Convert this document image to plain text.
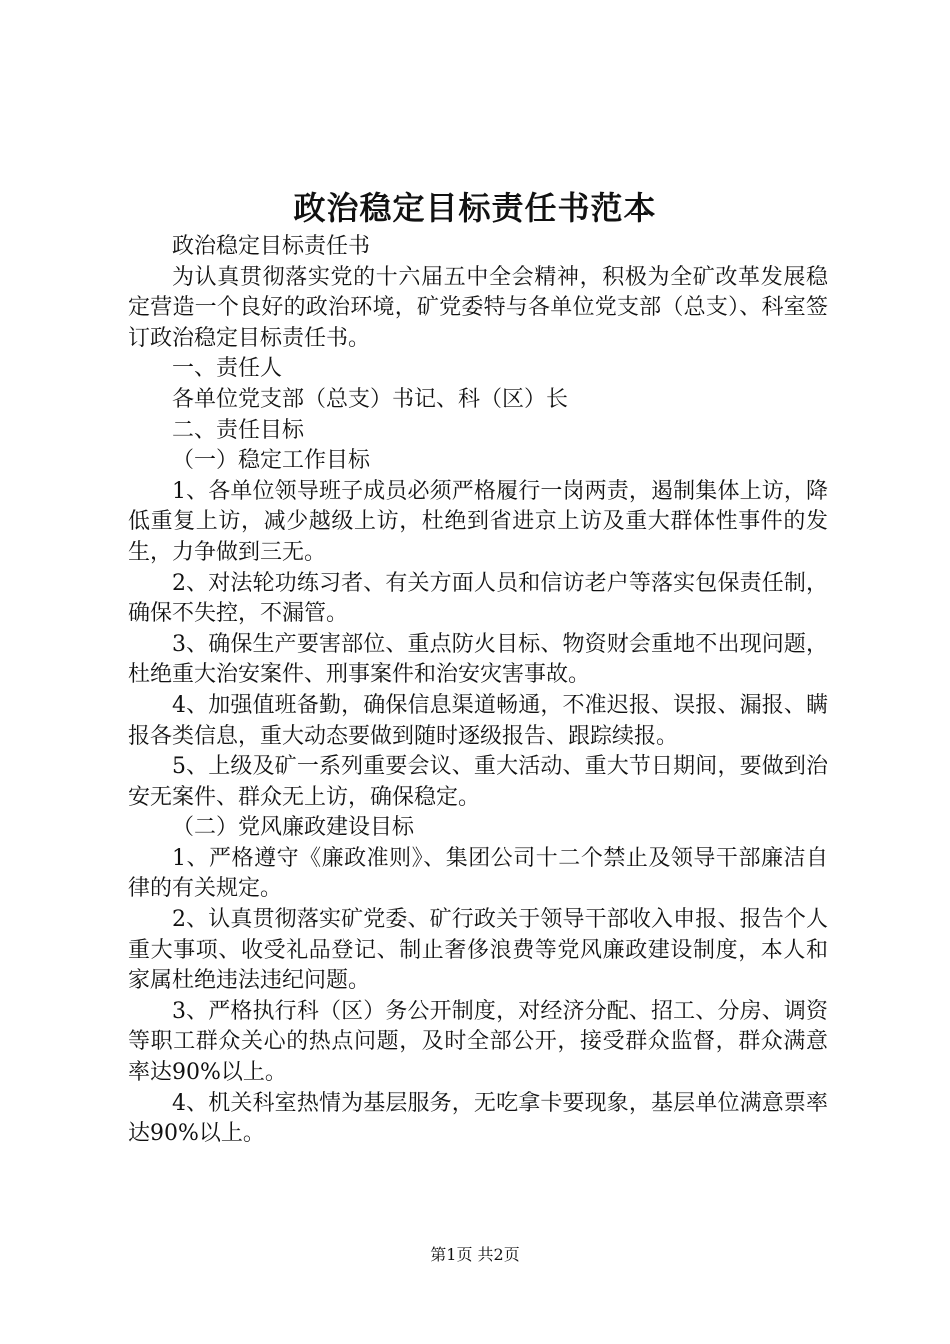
政治稳定目标责任书范本

政治稳定目标责任书

为认真贯彻落实党的十六届五中全会精神，积极为全矿改革发展稳定营造一个良好的政治环境，矿党委特与各单位党支部（总支）、科室签订政治稳定目标责任书。

一、责任人

各单位党支部（总支）书记、科（区）长

二、责任目标

（一）稳定工作目标

1、各单位领导班子成员必须严格履行一岗两责，遏制集体上访，降低重复上访，减少越级上访，杜绝到省进京上访及重大群体性事件的发生，力争做到三无。

2、对法轮功练习者、有关方面人员和信访老户等落实包保责任制，确保不失控，不漏管。

3、确保生产要害部位、重点防火目标、物资财会重地不出现问题，杜绝重大治安案件、刑事案件和治安灾害事故。

4、加强值班备勤，确保信息渠道畅通，不准迟报、误报、漏报、瞒报各类信息，重大动态要做到随时逐级报告、跟踪续报。

5、上级及矿一系列重要会议、重大活动、重大节日期间，要做到治安无案件、群众无上访，确保稳定。

（二）党风廉政建设目标

1、严格遵守《廉政准则》、集团公司十二个禁止及领导干部廉洁自律的有关规定。

2、认真贯彻落实矿党委、矿行政关于领导干部收入申报、报告个人重大事项、收受礼品登记、制止奢侈浪费等党风廉政建设制度，本人和家属杜绝违法违纪问题。

3、严格执行科（区）务公开制度，对经济分配、招工、分房、调资等职工群众关心的热点问题，及时全部公开，接受群众监督，群众满意率达90%以上。

4、机关科室热情为基层服务，无吃拿卡要现象，基层单位满意票率达90%以上。

第1页 共2页
